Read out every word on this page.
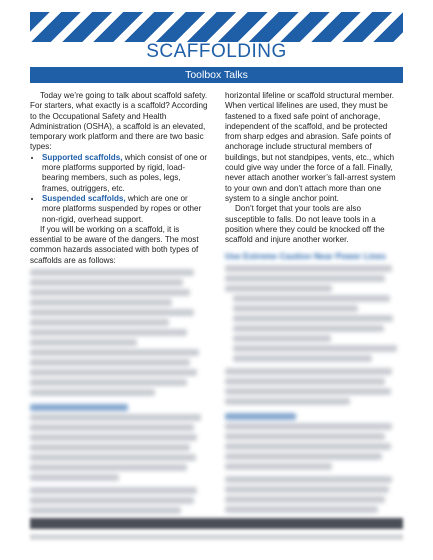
SCAFFOLDING
Toolbox Talks

Today we’re going to talk about scaffold safety. For starters, what exactly is a scaffold? According to the Occupational Safety and Health Administration (OSHA), a scaffold is an elevated, temporary work platform and there are two basic types:

• Supported scaffolds, which consist of one or more platforms supported by rigid, load-bearing members, such as poles, legs, frames, outriggers, etc.
• Suspended scaffolds, which are one or more platforms suspended by ropes or other non-rigid, overhead support.

If you will be working on a scaffold, it is essential to be aware of the dangers. The most common hazards associated with both types of scaffolds are as follows:

horizontal lifeline or scaffold structural member. When vertical lifelines are used, they must be fastened to a fixed safe point of anchorage, independent of the scaffold, and be protected from sharp edges and abrasion. Safe points of anchorage include structural members of buildings, but not standpipes, vents, etc., which could give way under the force of a fall. Finally, never attach another worker’s fall-arrest system to your own and don’t attach more than one system to a single anchor point.

Don’t forget that your tools are also susceptible to falls. Do not leave tools in a position where they could be knocked off the scaffold and injure another worker.

Use Extreme Caution Near Power Lines
